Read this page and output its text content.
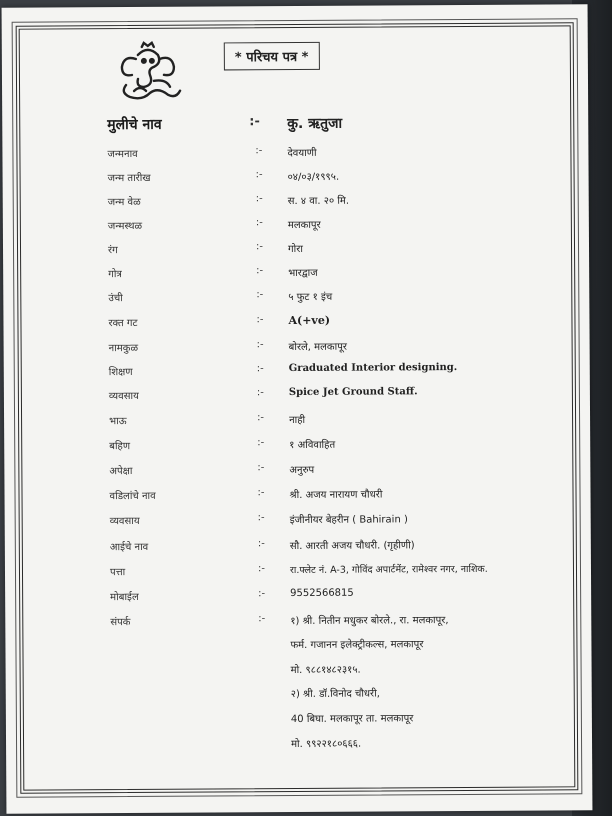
* परिचय पत्र *
मुलीचे नाव	:- कु. ऋतुजा
जन्मनाव	:- देवयाणी
जन्म तारीख	:- ०४/०३/१९९५.
जन्म वेळ	:- स. ४ वा. २० मि.
जन्मस्थळ	:- मलकापूर
रंग	:- गोरा
गोत्र	:- भारद्वाज
उंची	:- ५ फुट १ इंच
रक्त गट	:- A(+ve)
नामकुळ	:- बोरले, मलकापूर
शिक्षण	:- Graduated Interior designing.
व्यवसाय	:- Spice Jet Ground Staff.
भाऊ	:- नाही
बहिण	:- १ अविवाहित
अपेक्षा	:- अनुरुप
वडिलांचे नाव	:- श्री. अजय नारायण चौधरी
व्यवसाय	:- इंजीनीयर बेहरीन ( Bahirain )
आईचे नाव	:- सौ. आरती अजय चौधरी. (गृहीणी)
पत्ता	:-	रा.फ्लेट नं. A-3, गोविंद अपार्टमेंट, रामेश्वर नगर, नाशिक.
मोबाईल	:- 9552566815
संपर्क	:- १) श्री. नितीन मधुकर बोरले., रा. मलकापूर,
फर्म. गजानन इलेक्ट्रीकल्स, मलकापूर
मो. ९८८१४८२३१५.
२) श्री. डॉ.विनोद चौधरी,
40 बिघा. मलकापूर ता. मलकापूर
मो. ९९२२१८०६६६.
